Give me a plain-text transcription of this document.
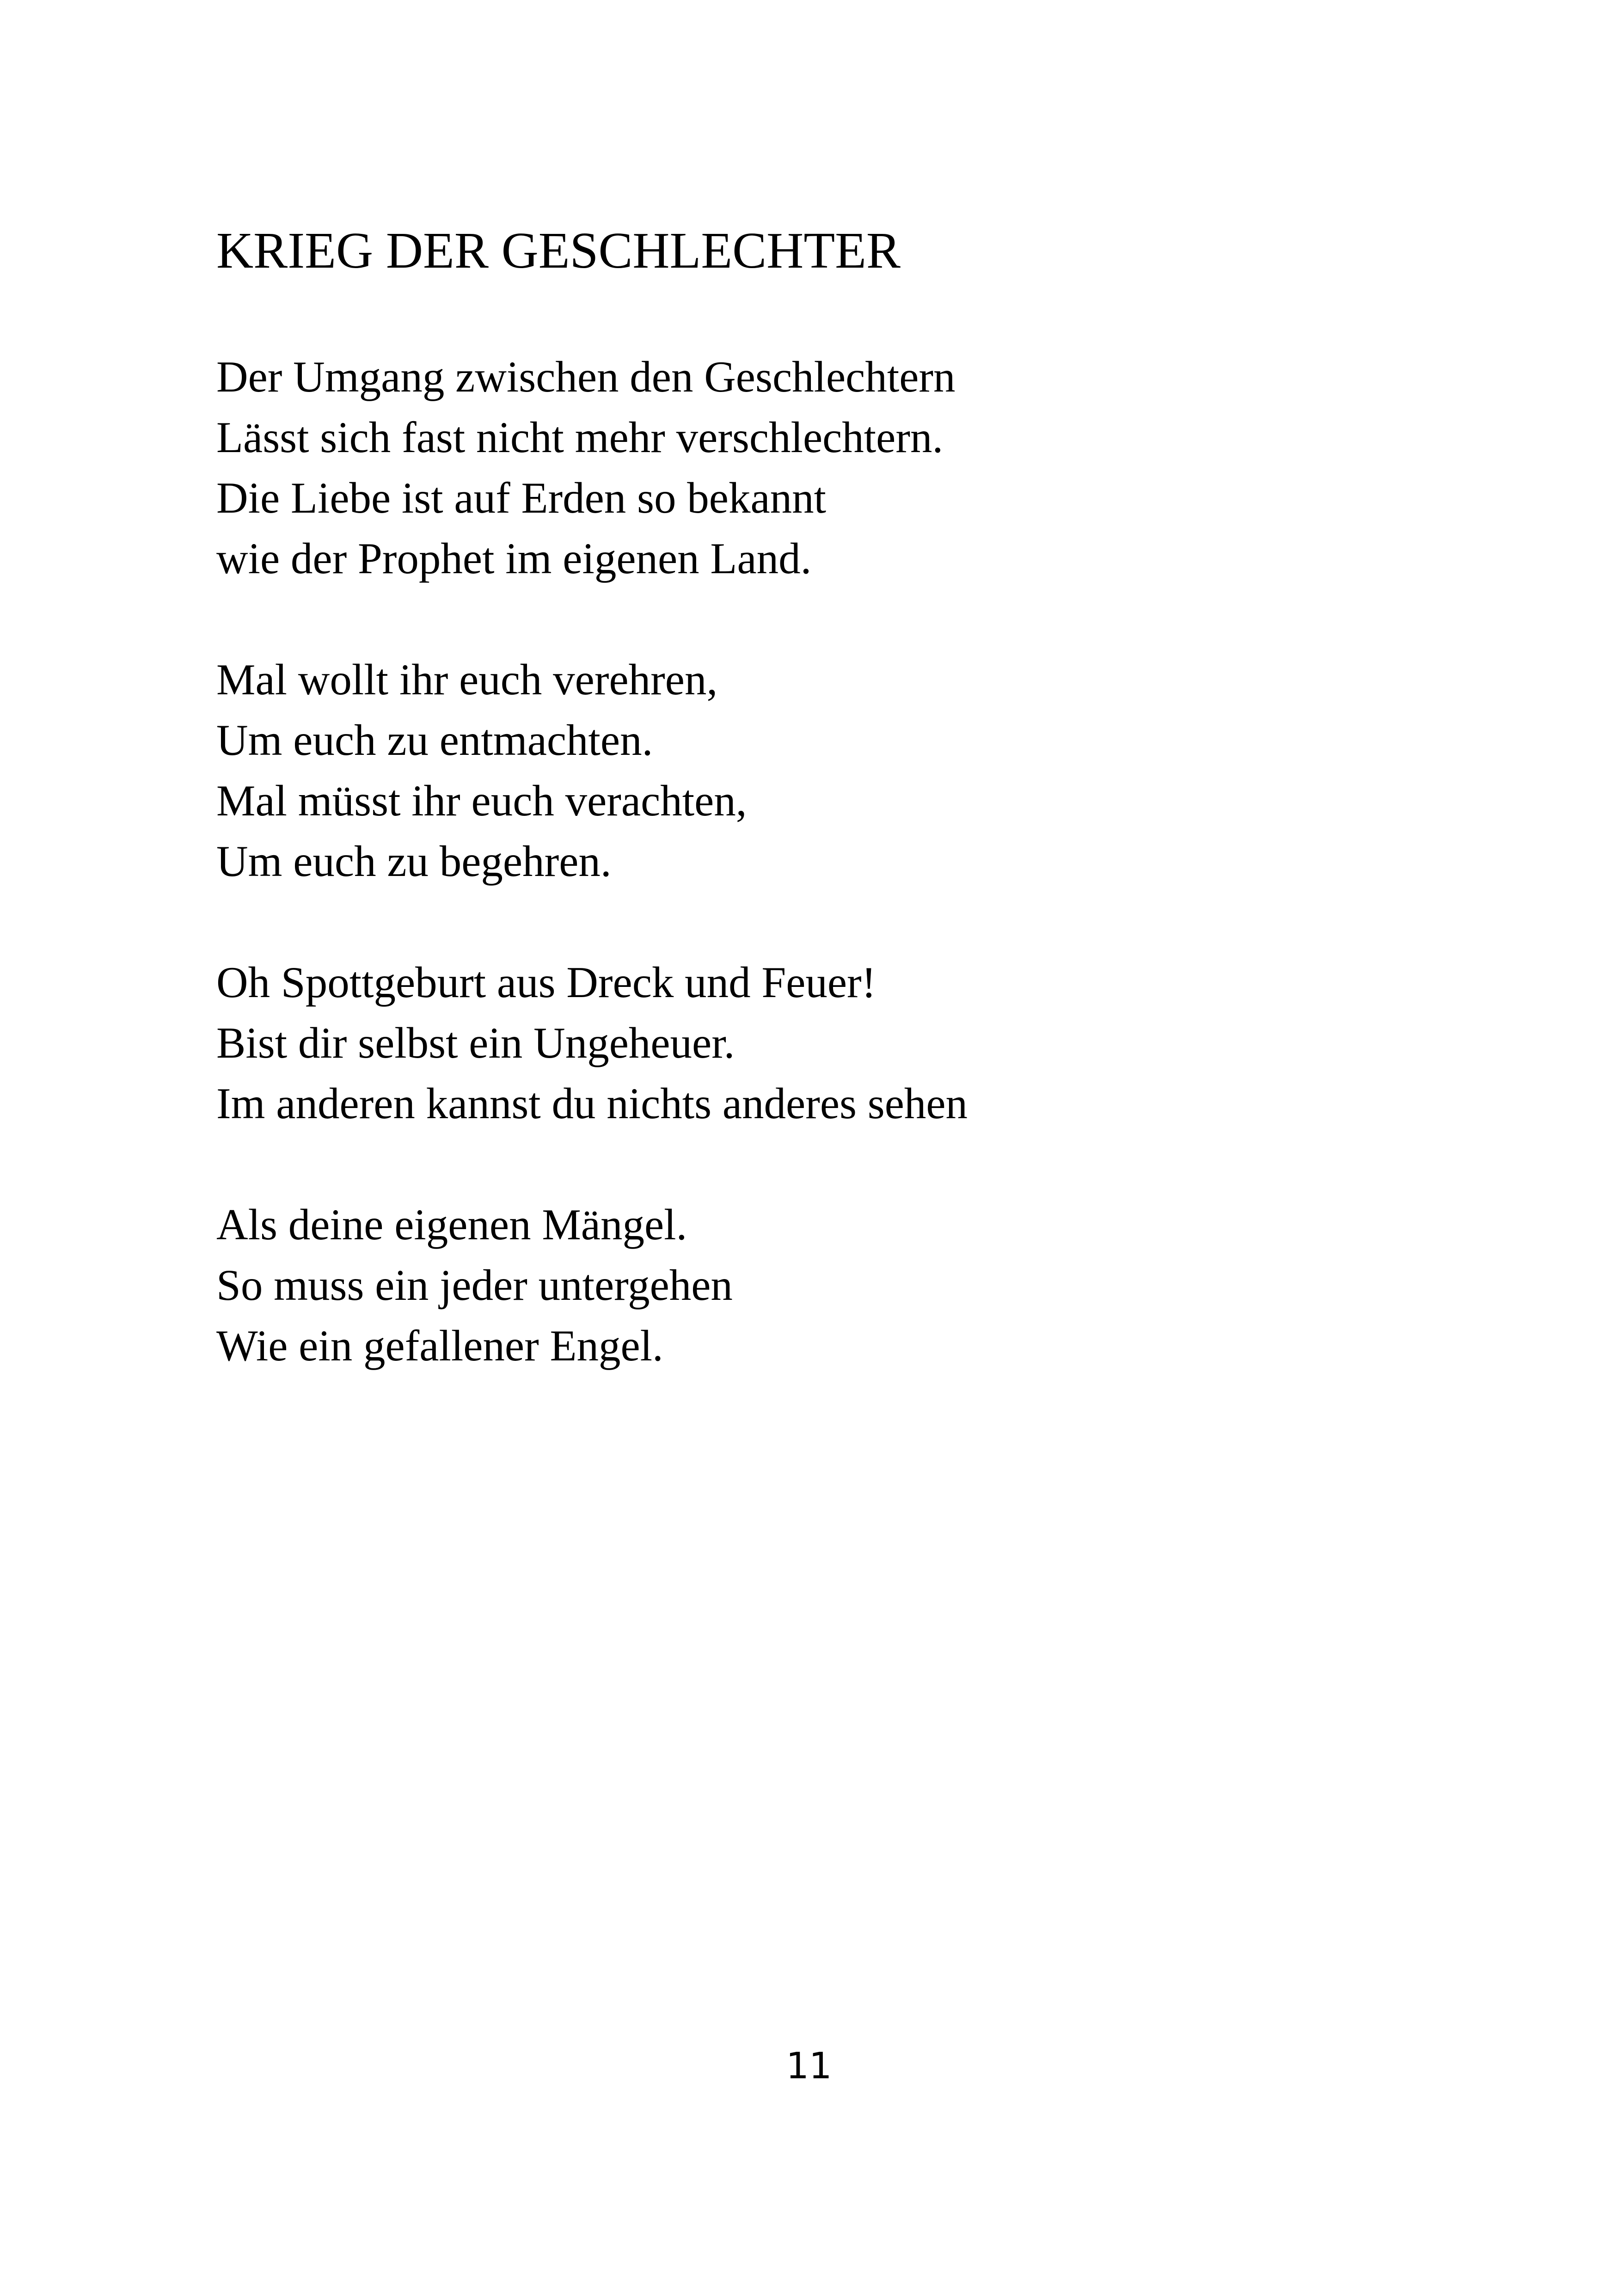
KRIEG DER GESCHLECHTER
Der Umgang zwischen den Geschlechtern
Lässt sich fast nicht mehr verschlechtern.
Die Liebe ist auf Erden so bekannt
wie der Prophet im eigenen Land.
Mal wollt ihr euch verehren,
Um euch zu entmachten.
Mal müsst ihr euch verachten,
Um euch zu begehren.
Oh Spottgeburt aus Dreck und Feuer!
Bist dir selbst ein Ungeheuer.
Im anderen kannst du nichts anderes sehen
Als deine eigenen Mängel.
So muss ein jeder untergehen
Wie ein gefallener Engel.

11
